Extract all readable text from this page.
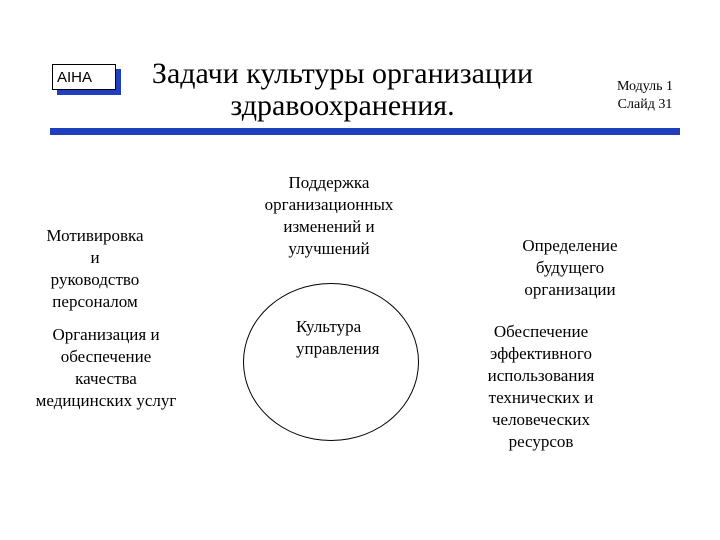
AIHA	Задачи культуры организации
здравоохранения.
Модуль 1
Слайд 31
Культура
управления
Поддержка
организационных
изменений и
улучшений
Мотивировка
и
руководство
персоналом
Организация и
обеспечение
качества
медицинских услуг
Определение
будущего
организации
Обеспечение
эффективного
использования
технических и
человеческих
ресурсов
